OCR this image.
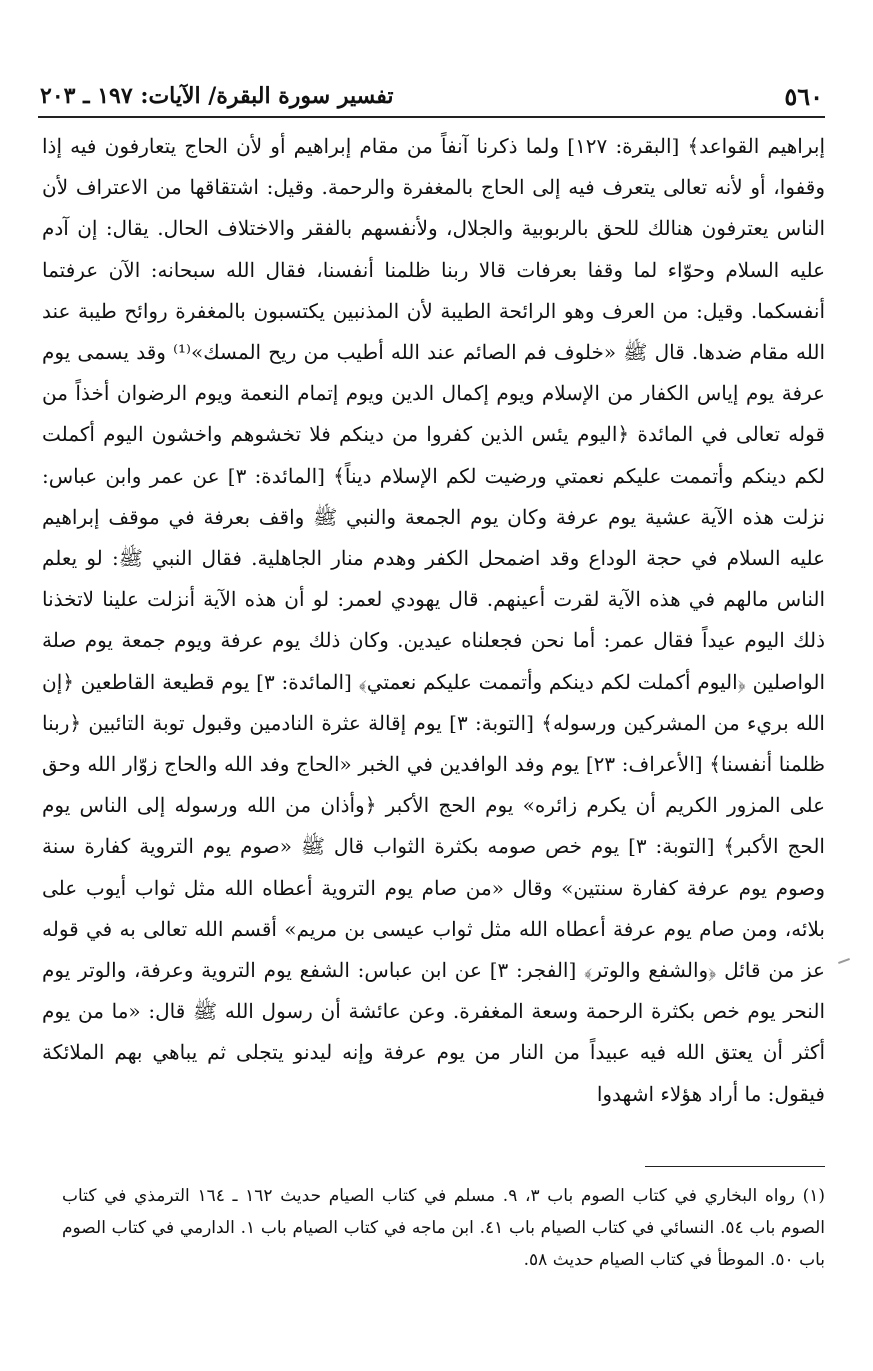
٥٦٠
تفسير سورة البقرة/ الآيات: ١٩٧ ـ ٢٠٣

إبراهيم القواعد﴾ [البقرة: ١٢٧] ولما ذكرنا آنفاً من مقام إبراهيم أو لأن الحاج يتعارفون فيه إذا وقفوا، أو لأنه تعالى يتعرف فيه إلى الحاج بالمغفرة والرحمة. وقيل: اشتقاقها من الاعتراف لأن الناس يعترفون هنالك للحق بالربوبية والجلال، ولأنفسهم بالفقر والاختلاف الحال. يقال: إن آدم عليه السلام وحوّاء لما وقفا بعرفات قالا ربنا ظلمنا أنفسنا، فقال الله سبحانه: الآن عرفتما أنفسكما. وقيل: من العرف وهو الرائحة الطيبة لأن المذنبين يكتسبون بالمغفرة روائح طيبة عند الله مقام ضدها. قال ﷺ «خلوف فم الصائم عند الله أطيب من ريح المسك»⁽¹⁾ وقد يسمى يوم عرفة يوم إياس الكفار من الإسلام ويوم إكمال الدين ويوم إتمام النعمة ويوم الرضوان أخذاً من قوله تعالى في المائدة ﴿اليوم يئس الذين كفروا من دينكم فلا تخشوهم واخشون اليوم أكملت لكم دينكم وأتممت عليكم نعمتي ورضيت لكم الإسلام ديناً﴾ [المائدة: ٣] عن عمر وابن عباس: نزلت هذه الآية عشية يوم عرفة وكان يوم الجمعة والنبي ﷺ واقف بعرفة في موقف إبراهيم عليه السلام في حجة الوداع وقد اضمحل الكفر وهدم منار الجاهلية. فقال النبي ﷺ: لو يعلم الناس مالهم في هذه الآية لقرت أعينهم. قال يهودي لعمر: لو أن هذه الآية أنزلت علينا لاتخذنا ذلك اليوم عيداً فقال عمر: أما نحن فجعلناه عيدين. وكان ذلك يوم عرفة ويوم جمعة يوم صلة الواصلين ﴿اليوم أكملت لكم دينكم وأتممت عليكم نعمتي﴾ [المائدة: ٣] يوم قطيعة القاطعين ﴿إن الله بريء من المشركين ورسوله﴾ [التوبة: ٣] يوم إقالة عثرة النادمين وقبول توبة التائبين ﴿ربنا ظلمنا أنفسنا﴾ [الأعراف: ٢٣] يوم وفد الوافدين في الخبر «الحاج وفد الله والحاج زوّار الله وحق على المزور الكريم أن يكرم زائره» يوم الحج الأكبر ﴿وأذان من الله ورسوله إلى الناس يوم الحج الأكبر﴾ [التوبة: ٣] يوم خص صومه بكثرة الثواب قال ﷺ «صوم يوم التروية كفارة سنة وصوم يوم عرفة كفارة سنتين» وقال «من صام يوم التروية أعطاه الله مثل ثواب أيوب على بلائه، ومن صام يوم عرفة أعطاه الله مثل ثواب عيسى بن مريم» أقسم الله تعالى به في قوله عز من قائل ﴿والشفع والوتر﴾ [الفجر: ٣] عن ابن عباس: الشفع يوم التروية وعرفة، والوتر يوم النحر يوم خص بكثرة الرحمة وسعة المغفرة. وعن عائشة أن رسول الله ﷺ قال: «ما من يوم أكثر أن يعتق الله فيه عبيداً من النار من يوم عرفة وإنه ليدنو يتجلى ثم يباهي بهم الملائكة فيقول: ما أراد هؤلاء اشهدوا

(١) رواه البخاري في كتاب الصوم باب ٣، ٩. مسلم في كتاب الصيام حديث ١٦٢ ـ ١٦٤ الترمذي في كتاب الصوم باب ٥٤. النسائي في كتاب الصيام باب ٤١. ابن ماجه في كتاب الصيام باب ١. الدارمي في كتاب الصوم باب ٥٠. الموطأ في كتاب الصيام حديث ٥٨.
